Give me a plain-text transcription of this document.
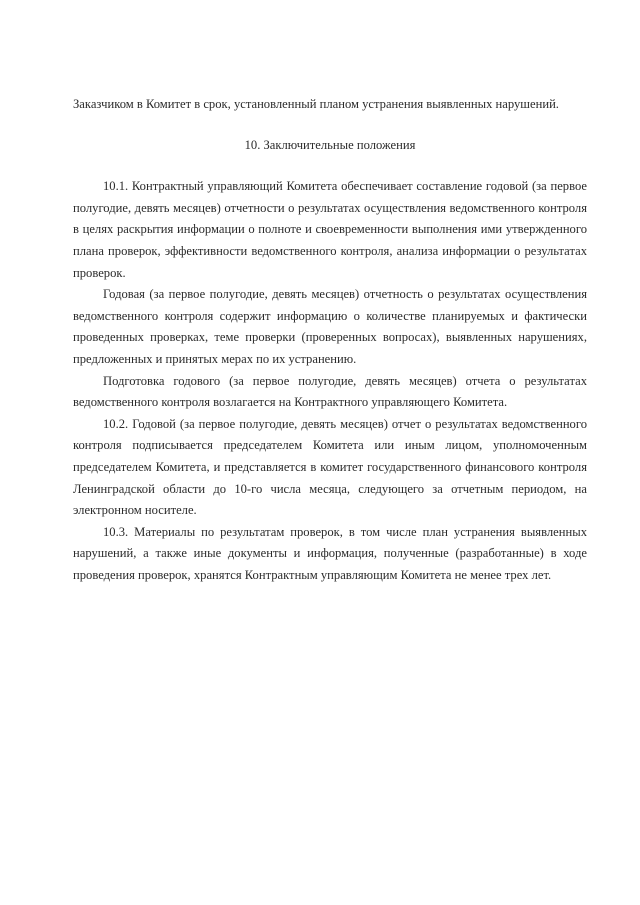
Заказчиком в Комитет в срок, установленный планом устранения выявленных нарушений.

10. Заключительные положения

10.1. Контрактный управляющий Комитета обеспечивает составление годовой (за первое полугодие, девять месяцев) отчетности о результатах осуществления ведомственного контроля в целях раскрытия информации о полноте и своевременности выполнения ими утвержденного плана проверок, эффективности ведомственного контроля, анализа информации о результатах проверок.

Годовая (за первое полугодие, девять месяцев) отчетность о результатах осуществления ведомственного контроля содержит информацию о количестве планируемых и фактически проведенных проверках, теме проверки (проверенных вопросах), выявленных нарушениях, предложенных и принятых мерах по их устранению.

Подготовка годового (за первое полугодие, девять месяцев) отчета о результатах ведомственного контроля возлагается на Контрактного управляющего Комитета.

10.2. Годовой (за первое полугодие, девять месяцев) отчет о результатах ведомственного контроля подписывается председателем Комитета или иным лицом, уполномоченным председателем Комитета, и представляется в комитет государственного финансового контроля Ленинградской области до 10-го числа месяца, следующего за отчетным периодом, на электронном носителе.

10.3. Материалы по результатам проверок, в том числе план устранения выявленных нарушений, а также иные документы и информация, полученные (разработанные) в ходе проведения проверок, хранятся Контрактным управляющим Комитета не менее трех лет.
